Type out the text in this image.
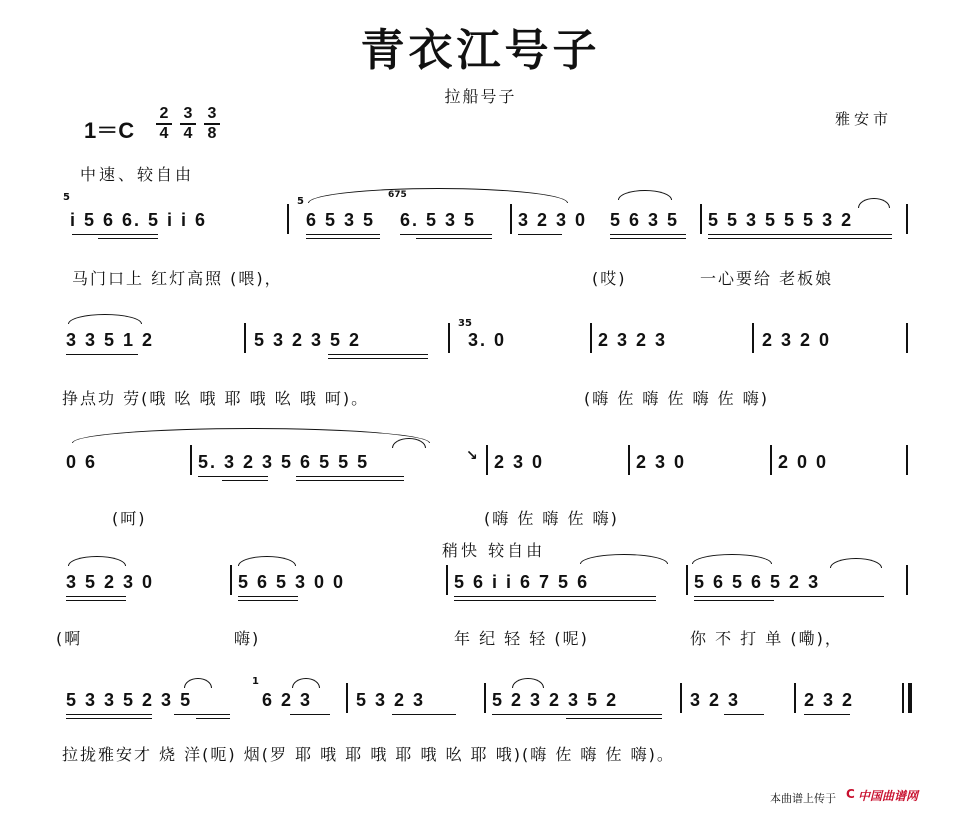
青衣江号子
拉船号子
1＝C
2
4
3
4
3
8
雅安市
中速、较自由
5	5
675
i 5 6 6. 5 i i 6	6 5 3 5 6. 5 3 5 3 2 3 0 5 6 3 5 5 5 3 5 5 5 3 2
马门口上 红灯高照 (喂)，	(哎)	一心要给 老板娘
35
3 3 5 1 2	5 3 2 3 5 2	3. 0	2 3 2 3	2 3 2 0
挣点功 劳(哦 吆 哦 耶 哦 吆 哦 呵)。	(嗨 佐 嗨 佐 嗨 佐 嗨)
↘
0 6	5. 3 2 3 5 6 5 5 5	2 3 0	2 3 0	2 0 0
(呵)	(嗨 佐 嗨 佐 嗨)
稍快 较自由
3 5 2 3 0	5 6 5 3 0 0	5 6 i i 6 7 5 6	5 6 5 6 5 2 3
(啊	嗨)	年 纪 轻 轻 (呢)	你 不 打 单 (嘞)，
1
5 3 3 5 2 3 5	6 2 3 5 3 2 3	5 2 3 2 3 5 2	3 2 3	2 3 2
拉拢雅安才 烧 洋(呃) 烟(罗 耶 哦 耶 哦 耶 哦 吆 耶 哦)(嗨 佐 嗨 佐 嗨)。
本曲谱上传于 C 中国曲谱网
